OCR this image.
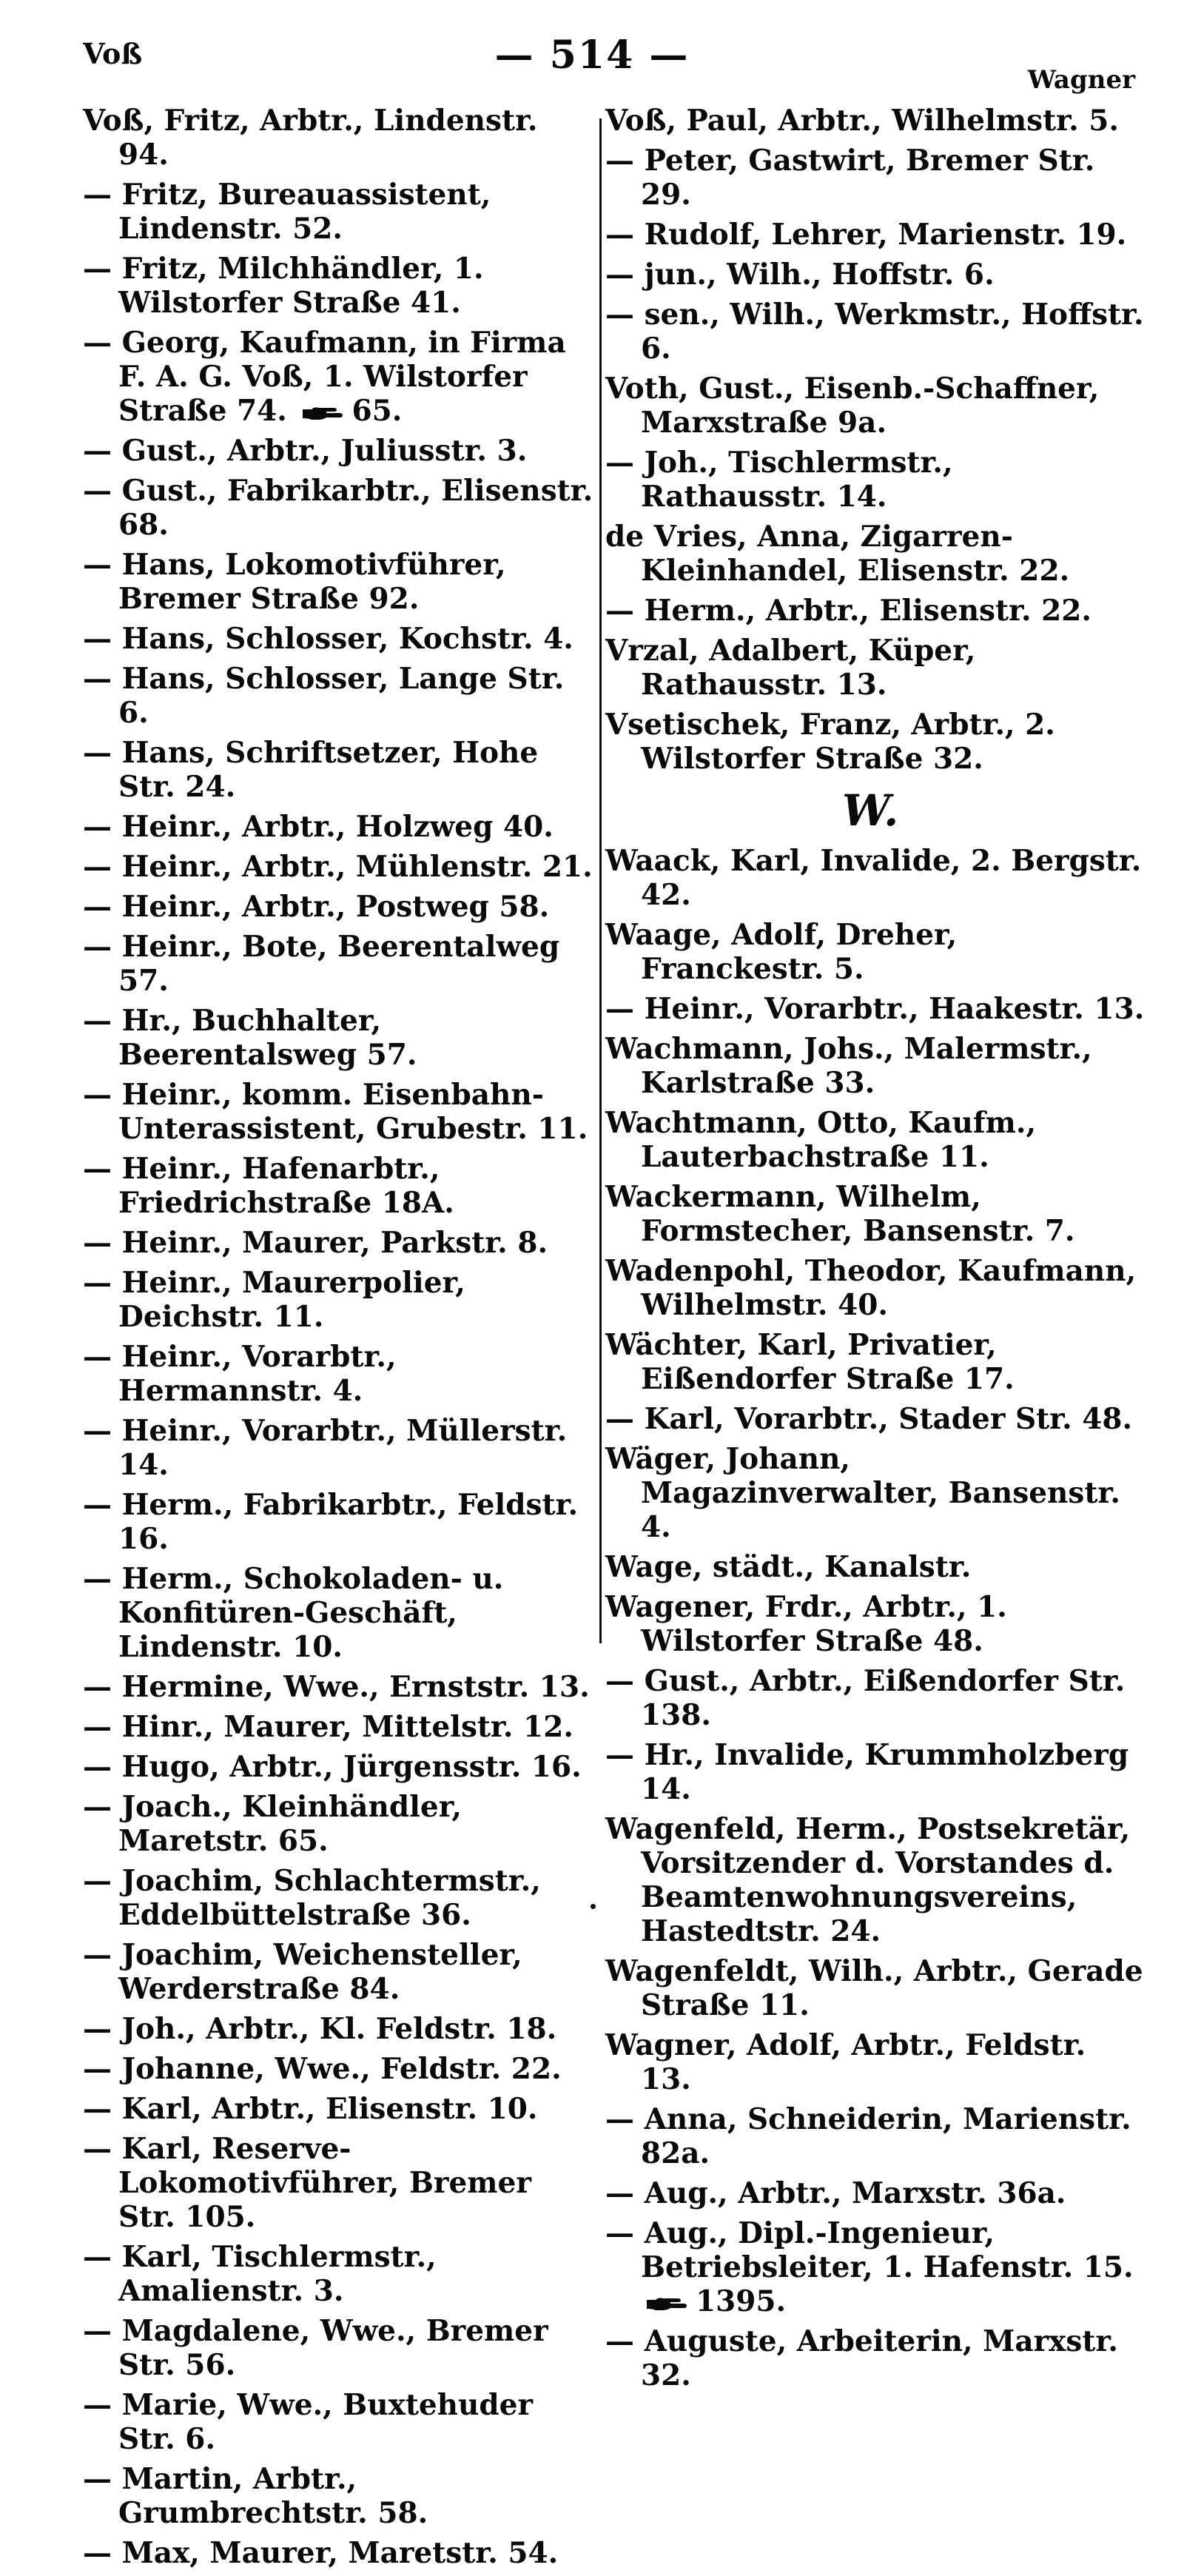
Voß	— 514 —
Wagner
Voß, Fritz, Arbtr., Lindenstr. 94.
— Fritz, Bureauassistent, Lindenstr. 52.
— Fritz, Milchhändler, 1. Wilstorfer Straße 41.
— Georg, Kaufmann, in Firma F. A. G. Voß, 1. Wilstorfer Straße 74. 65.
— Gust., Arbtr., Juliusstr. 3.
— Gust., Fabrikarbtr., Elisenstr. 68.
— Hans, Lokomotivführer, Bremer Straße 92.
— Hans, Schlosser, Kochstr. 4.
— Hans, Schlosser, Lange Str. 6.
— Hans, Schriftsetzer, Hohe Str. 24.
— Heinr., Arbtr., Holzweg 40.
— Heinr., Arbtr., Mühlenstr. 21.
— Heinr., Arbtr., Postweg 58.
— Heinr., Bote, Beerentalweg 57.
— Hr., Buchhalter, Beerentalsweg 57.
— Heinr., komm. Eisenbahn-Unterassistent, Grubestr. 11.
— Heinr., Hafenarbtr., Friedrichstraße 18A.
— Heinr., Maurer, Parkstr. 8.
— Heinr., Maurerpolier, Deichstr. 11.
— Heinr., Vorarbtr., Hermannstr. 4.
— Heinr., Vorarbtr., Müllerstr. 14.
— Herm., Fabrikarbtr., Feldstr. 16.
— Herm., Schokoladen- u. Konfitüren-Geschäft, Lindenstr. 10.
— Hermine, Wwe., Ernststr. 13.
— Hinr., Maurer, Mittelstr. 12.
— Hugo, Arbtr., Jürgensstr. 16.
— Joach., Kleinhändler, Maretstr. 65.
— Joachim, Schlachtermstr., Eddelbüttelstraße 36.
— Joachim, Weichensteller, Werderstraße 84.
— Joh., Arbtr., Kl. Feldstr. 18.
— Johanne, Wwe., Feldstr. 22.
— Karl, Arbtr., Elisenstr. 10.
— Karl, Reserve-Lokomotivführer, Bremer Str. 105.
— Karl, Tischlermstr., Amalienstr. 3.
— Magdalene, Wwe., Bremer Str. 56.
— Marie, Wwe., Buxtehuder Str. 6.
— Martin, Arbtr., Grumbrechtstr. 58.
— Max, Maurer, Maretstr. 54.
Voß, Paul, Arbtr., Wilhelmstr. 5.
— Peter, Gastwirt, Bremer Str. 29.
— Rudolf, Lehrer, Marienstr. 19.
— jun., Wilh., Hoffstr. 6.
— sen., Wilh., Werkmstr., Hoffstr. 6.
Voth, Gust., Eisenb.-Schaffner, Marxstraße 9a.
— Joh., Tischlermstr., Rathausstr. 14.
de Vries, Anna, Zigarren-Kleinhandel, Elisenstr. 22.
— Herm., Arbtr., Elisenstr. 22.
Vrzal, Adalbert, Küper, Rathausstr. 13.
Vsetischek, Franz, Arbtr., 2. Wilstorfer Straße 32.
W.
Waack, Karl, Invalide, 2. Bergstr. 42.
Waage, Adolf, Dreher, Franckestr. 5.
— Heinr., Vorarbtr., Haakestr. 13.
Wachmann, Johs., Malermstr., Karlstraße 33.
Wachtmann, Otto, Kaufm., Lauterbachstraße 11.
Wackermann, Wilhelm, Formstecher, Bansenstr. 7.
Wadenpohl, Theodor, Kaufmann, Wilhelmstr. 40.
Wächter, Karl, Privatier, Eißendorfer Straße 17.
— Karl, Vorarbtr., Stader Str. 48.
Wäger, Johann, Magazinverwalter, Bansenstr. 4.
Wage, städt., Kanalstr.
Wagener, Frdr., Arbtr., 1. Wilstorfer Straße 48.
— Gust., Arbtr., Eißendorfer Str. 138.
— Hr., Invalide, Krummholzberg 14.
Wagenfeld, Herm., Postsekretär, Vorsitzender d. Vorstandes d. Beamtenwohnungsvereins, Hastedtstr. 24.
Wagenfeldt, Wilh., Arbtr., Gerade Straße 11.
Wagner, Adolf, Arbtr., Feldstr. 13.
— Anna, Schneiderin, Marienstr. 82a.
— Aug., Arbtr., Marxstr. 36a.
— Aug., Dipl.-Ingenieur, Betriebsleiter, 1. Hafenstr. 15. 1395.
— Auguste, Arbeiterin, Marxstr. 32.
